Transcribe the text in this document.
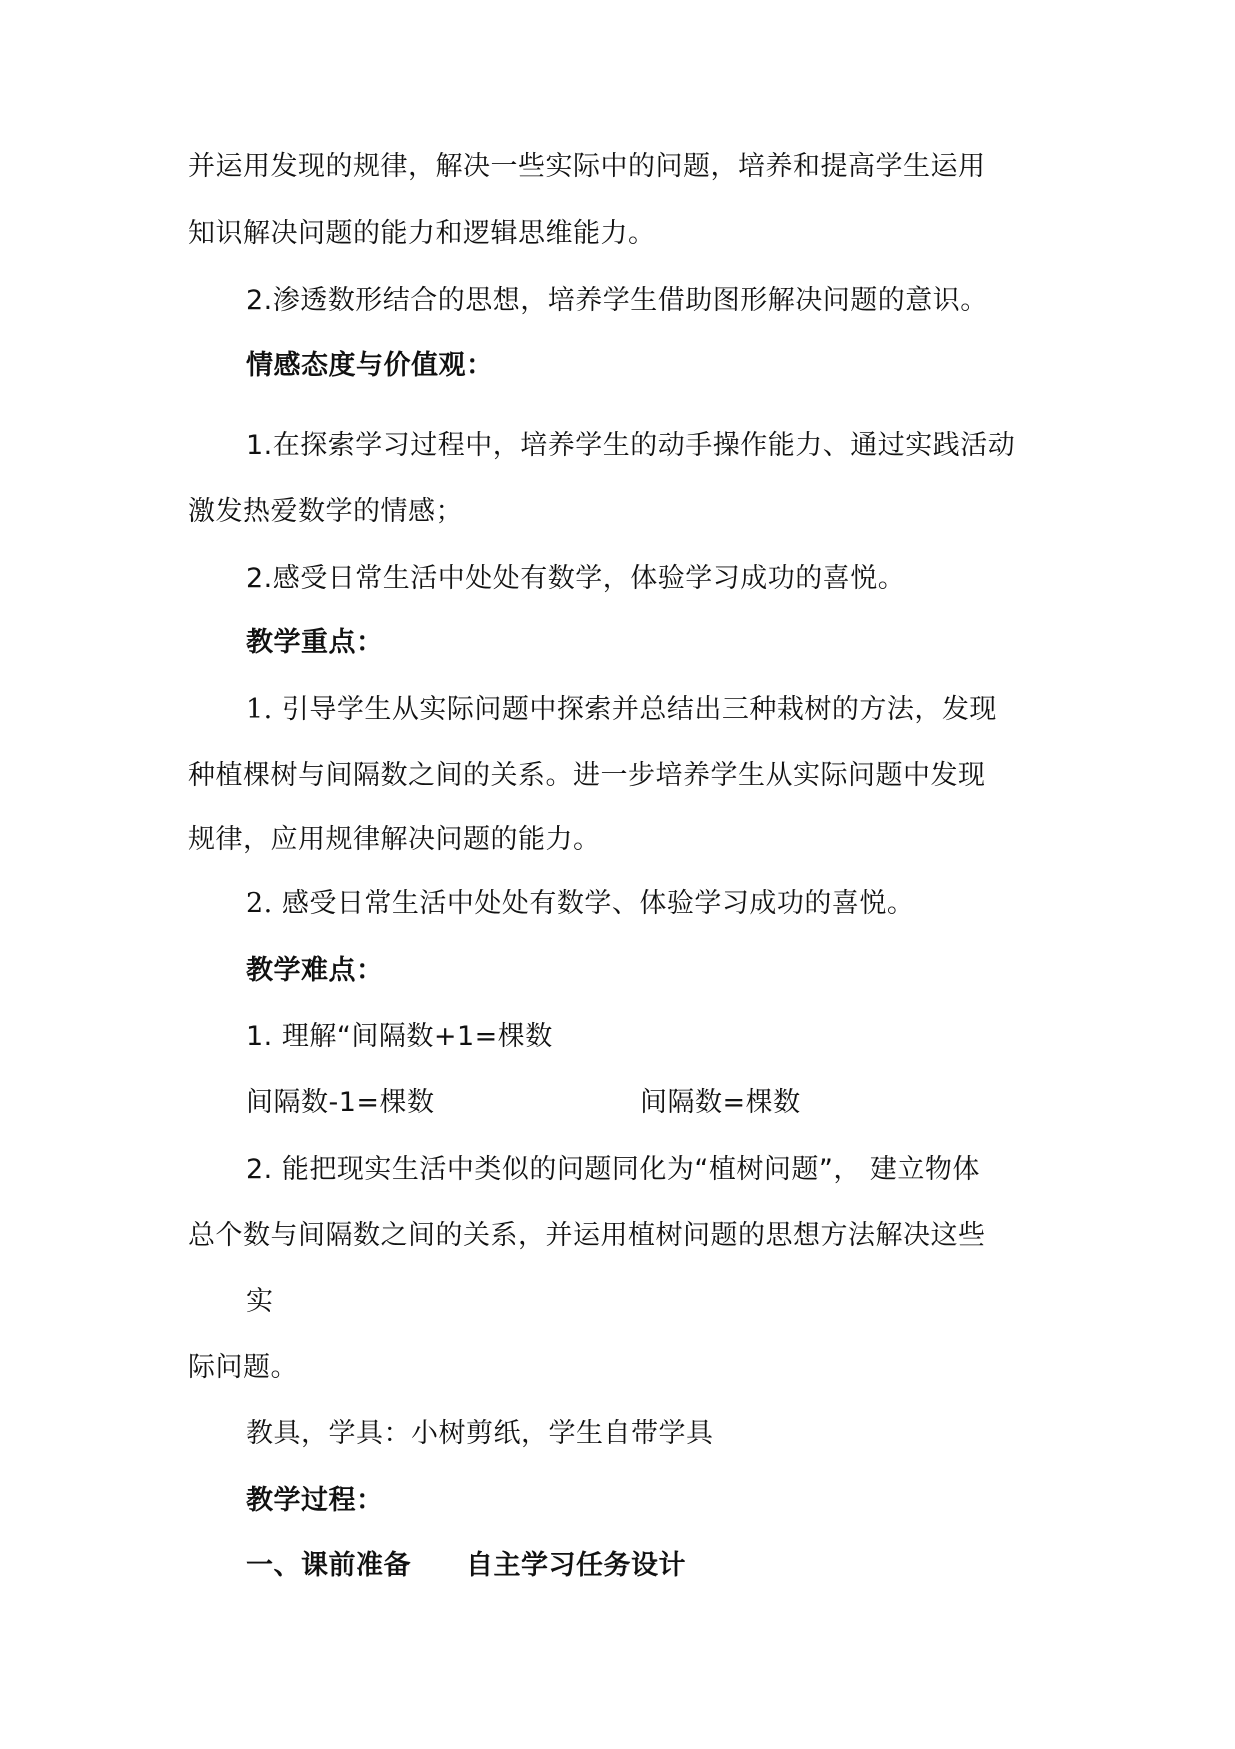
并运用发现的规律，解决一些实际中的问题，培养和提高学生运用
知识解决问题的能力和逻辑思维能力。
2.渗透数形结合的思想，培养学生借助图形解决问题的意识。
情感态度与价值观：
1.在探索学习过程中，培养学生的动手操作能力、通过实践活动
激发热爱数学的情感；
2.感受日常生活中处处有数学，体验学习成功的喜悦。
教学重点：
1. 引导学生从实际问题中探索并总结出三种栽树的方法，发现
种植棵树与间隔数之间的关系。进一步培养学生从实际问题中发现
规律，应用规律解决问题的能力。
2. 感受日常生活中处处有数学、体验学习成功的喜悦。
教学难点：
1. 理解“间隔数+1=棵数
间隔数-1=棵数	间隔数=棵数
2. 能把现实生活中类似的问题同化为“植树问题”， 建立物体
总个数与间隔数之间的关系，并运用植树问题的思想方法解决这些
实
际问题。
教具，学具：小树剪纸，学生自带学具
教学过程：
一、课前准备 自主学习任务设计
